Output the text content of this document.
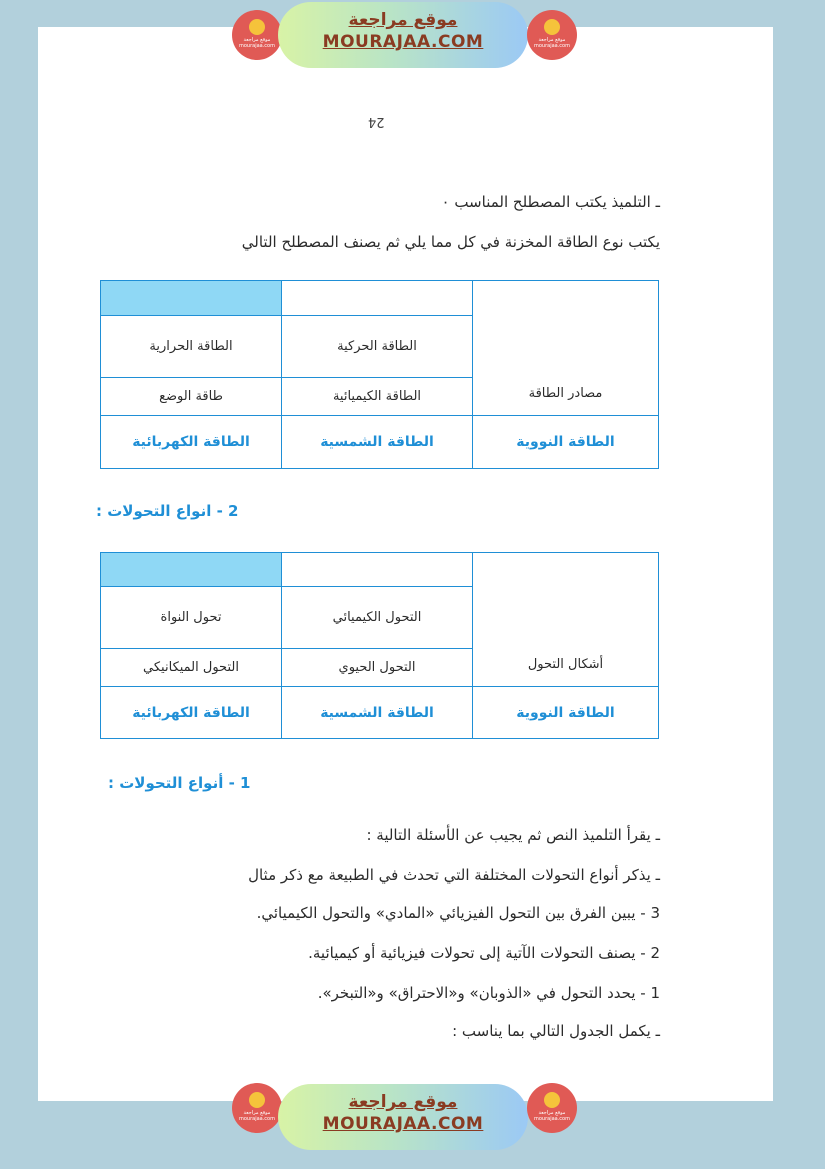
موقع مراجعة mourajaa.com
موقع مراجعة
MOURAJAA.COM	موقع مراجعة mourajaa.com
24
ـ التلميذ يكتب المصطلح المناسب ٠
يكتب نوع الطاقة المخزنة في كل مما يلي ثم يصنف المصطلح التالي
		مصادر الطاقة
الطاقة الحرارية	الطاقة الحركية	
طاقة الوضع	الطاقة الكيميائية	
الطاقة الكهربائية	الطاقة الشمسية	الطاقة النووية
2 - انواع التحولات :
		أشكال التحول
تحول النواة	التحول الكيميائي	
التحول الميكانيكي	التحول الحيوي	
الطاقة الكهربائية	الطاقة الشمسية	الطاقة النووية
1 - أنواع التحولات :
ـ يقرأ التلميذ النص ثم يجيب عن الأسئلة التالية :
ـ يذكر أنواع التحولات المختلفة التي تحدث في الطبيعة مع ذكر مثال
3 - يبين الفرق بين التحول الفيزيائي «المادي» والتحول الكيميائي.
2 - يصنف التحولات الآتية إلى تحولات فيزيائية أو كيميائية.
1 - يحدد التحول في «الذوبان» و«الاحتراق» و«التبخر».
ـ يكمل الجدول التالي بما يناسب :
موقع مراجعة mourajaa.com
موقع مراجعة
MOURAJAA.COM
موقع مراجعة mourajaa.com
